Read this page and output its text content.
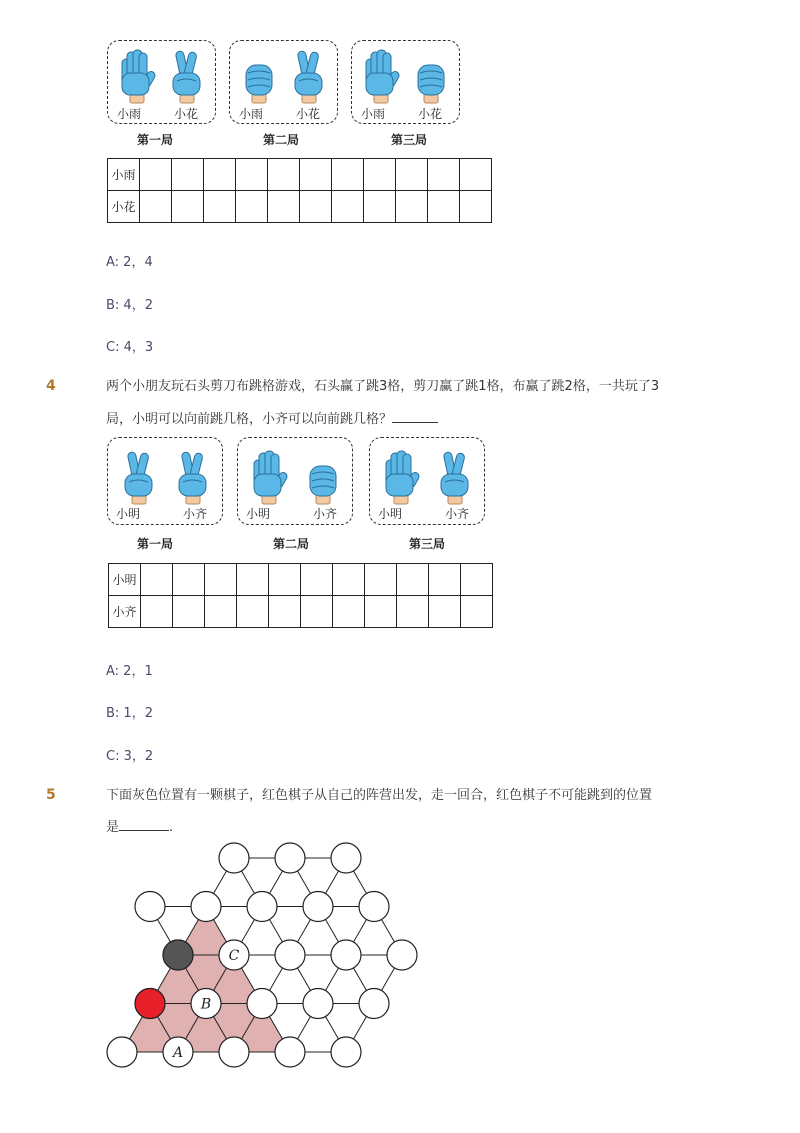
小雨	小花	小雨	小花	小雨	小花
第一局	第二局	第三局
小雨											
小花											
A: 2，4
B: 4，2
C: 4，3
4	两个小朋友玩石头剪刀布跳格游戏，石头赢了跳3格，剪刀赢了跳1格，布赢了跳2格，一共玩了3
局，小明可以向前跳几格，小齐可以向前跳几格？
小明	小齐	小明	小齐	小明	小齐
第一局	第二局	第三局
小明											
小齐											
A: 2，1
B: 1，2
C: 3，2
5	下面灰色位置有一颗棋子，红色棋子从自己的阵营出发，走一回合，红色棋子不可能跳到的位置
是	.
A
B
C
